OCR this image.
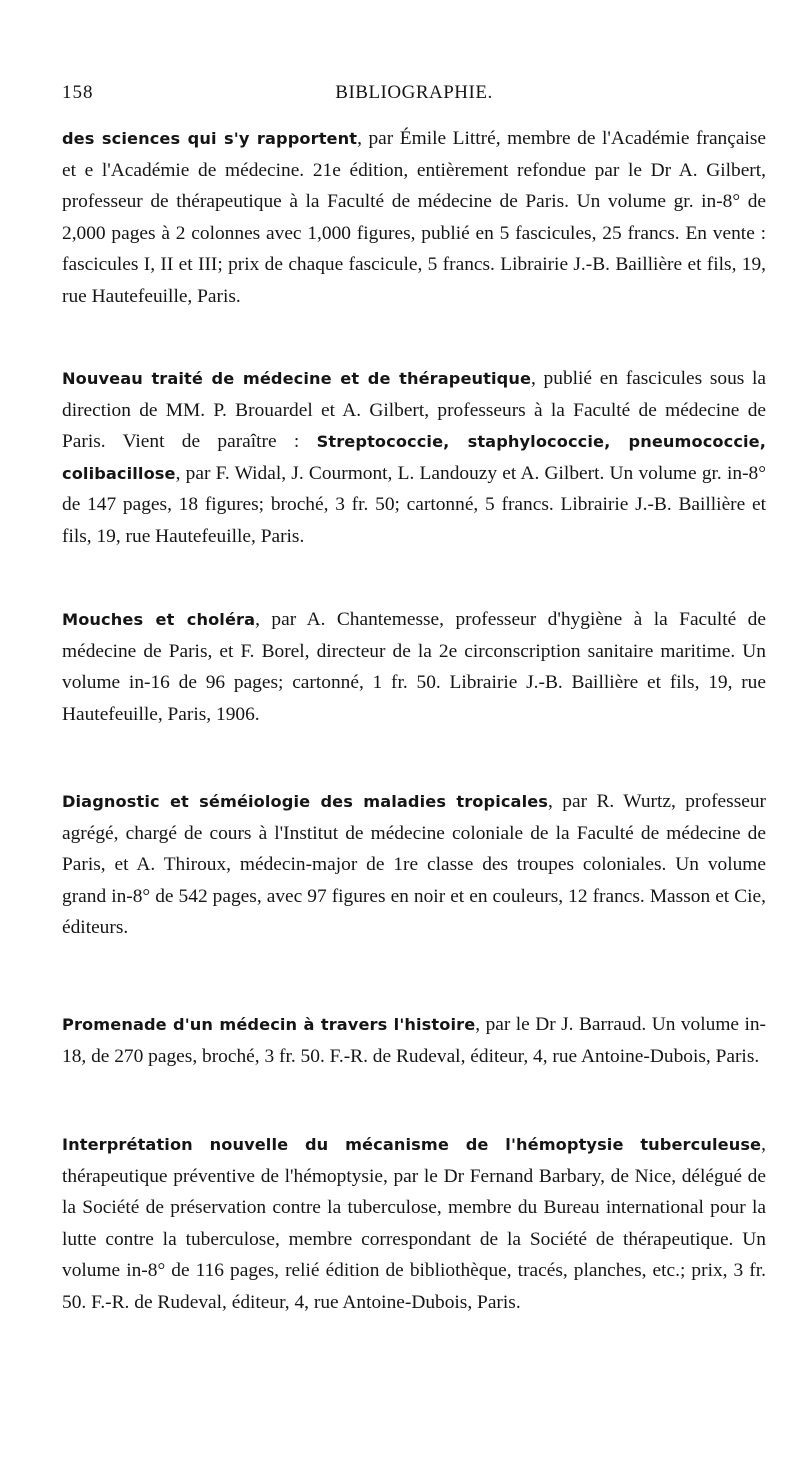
158	BIBLIOGRAPHIE.
des sciences qui s'y rapportent, par Émile Littré, membre de l'Académie française et e l'Académie de médecine. 21e édition, entièrement refondue par le Dr A. Gilbert, professeur de thérapeutique à la Faculté de médecine de Paris. Un volume gr. in-8° de 2,000 pages à 2 colonnes avec 1,000 figures, publié en 5 fascicules, 25 francs. En vente : fascicules I, II et III; prix de chaque fascicule, 5 francs. Librairie J.-B. Baillière et fils, 19, rue Hautefeuille, Paris.
Nouveau traité de médecine et de thérapeutique, publié en fascicules sous la direction de MM. P. Brouardel et A. Gilbert, professeurs à la Faculté de médecine de Paris. Vient de paraître : Streptococcie, staphylococcie, pneumococcie, colibacillose, par F. Widal, J. Courmont, L. Landouzy et A. Gilbert. Un volume gr. in-8° de 147 pages, 18 figures; broché, 3 fr. 50; cartonné, 5 francs. Librairie J.-B. Baillière et fils, 19, rue Hautefeuille, Paris.
Mouches et choléra, par A. Chantemesse, professeur d'hygiène à la Faculté de médecine de Paris, et F. Borel, directeur de la 2e circonscription sanitaire maritime. Un volume in-16 de 96 pages; cartonné, 1 fr. 50. Librairie J.-B. Baillière et fils, 19, rue Hautefeuille, Paris, 1906.
Diagnostic et séméiologie des maladies tropicales, par R. Wurtz, professeur agrégé, chargé de cours à l'Institut de médecine coloniale de la Faculté de médecine de Paris, et A. Thiroux, médecin-major de 1re classe des troupes coloniales. Un volume grand in-8° de 542 pages, avec 97 figures en noir et en couleurs, 12 francs. Masson et Cie, éditeurs.
Promenade d'un médecin à travers l'histoire, par le Dr J. Barraud. Un volume in-18, de 270 pages, broché, 3 fr. 50. F.-R. de Rudeval, éditeur, 4, rue Antoine-Dubois, Paris.
Interprétation nouvelle du mécanisme de l'hémoptysie tuberculeuse, thérapeutique préventive de l'hémoptysie, par le Dr Fernand Barbary, de Nice, délégué de la Société de préservation contre la tuberculose, membre du Bureau international pour la lutte contre la tuberculose, membre correspondant de la Société de thérapeutique. Un volume in-8° de 116 pages, relié édition de bibliothèque, tracés, planches, etc.; prix, 3 fr. 50. F.-R. de Rudeval, éditeur, 4, rue Antoine-Dubois, Paris.
